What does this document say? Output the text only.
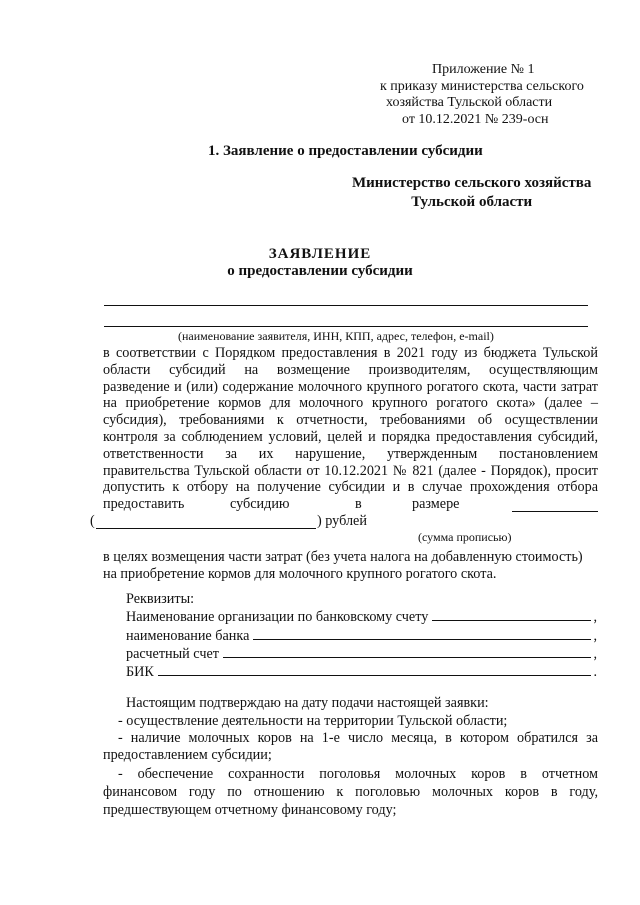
Приложение № 1
к приказу министерства сельского
хозяйства Тульской области
от 10.12.2021 № 239-осн
1. Заявление о предоставлении субсидии
Министерство сельского хозяйства
Тульской области
ЗАЯВЛЕНИЕ
о предоставлении субсидии
(наименование заявителя, ИНН, КПП, адрес, телефон, e-mail)
в соответствии с Порядком предоставления в 2021 году из бюджета Тульской
области субсидий на возмещение производителям, осуществляющим
разведение и (или) содержание молочного крупного рогатого скота, части затрат
на приобретение кормов для молочного крупного рогатого скота» (далее –
субсидия), требованиями к отчетности, требованиями об осуществлении
контроля за соблюдением условий, целей и порядка предоставления субсидий,
ответственности за их нарушение, утвержденным постановлением
правительства Тульской области от 10.12.2021 № 821 (далее - Порядок), просит
допустить к отбору на получение субсидии и в случае прохождения отбора
предоставить	субсидию	в	размере
(	) рублей
(сумма прописью)
в целях возмещения части затрат (без учета налога на добавленную стоимость)
на приобретение кормов для молочного крупного рогатого скота.
Реквизиты:
Наименование организации по банковскому счету	,
наименование банка	,
расчетный счет	,
БИК	.
Настоящим подтверждаю на дату подачи настоящей заявки:
- осуществление деятельности на территории Тульской области;
- наличие молочных коров на 1-е число месяца, в котором обратился за
предоставлением субсидии;
- обеспечение сохранности поголовья молочных коров в отчетном
финансовом году по отношению к поголовью молочных коров в году,
предшествующем отчетному финансовому году;
